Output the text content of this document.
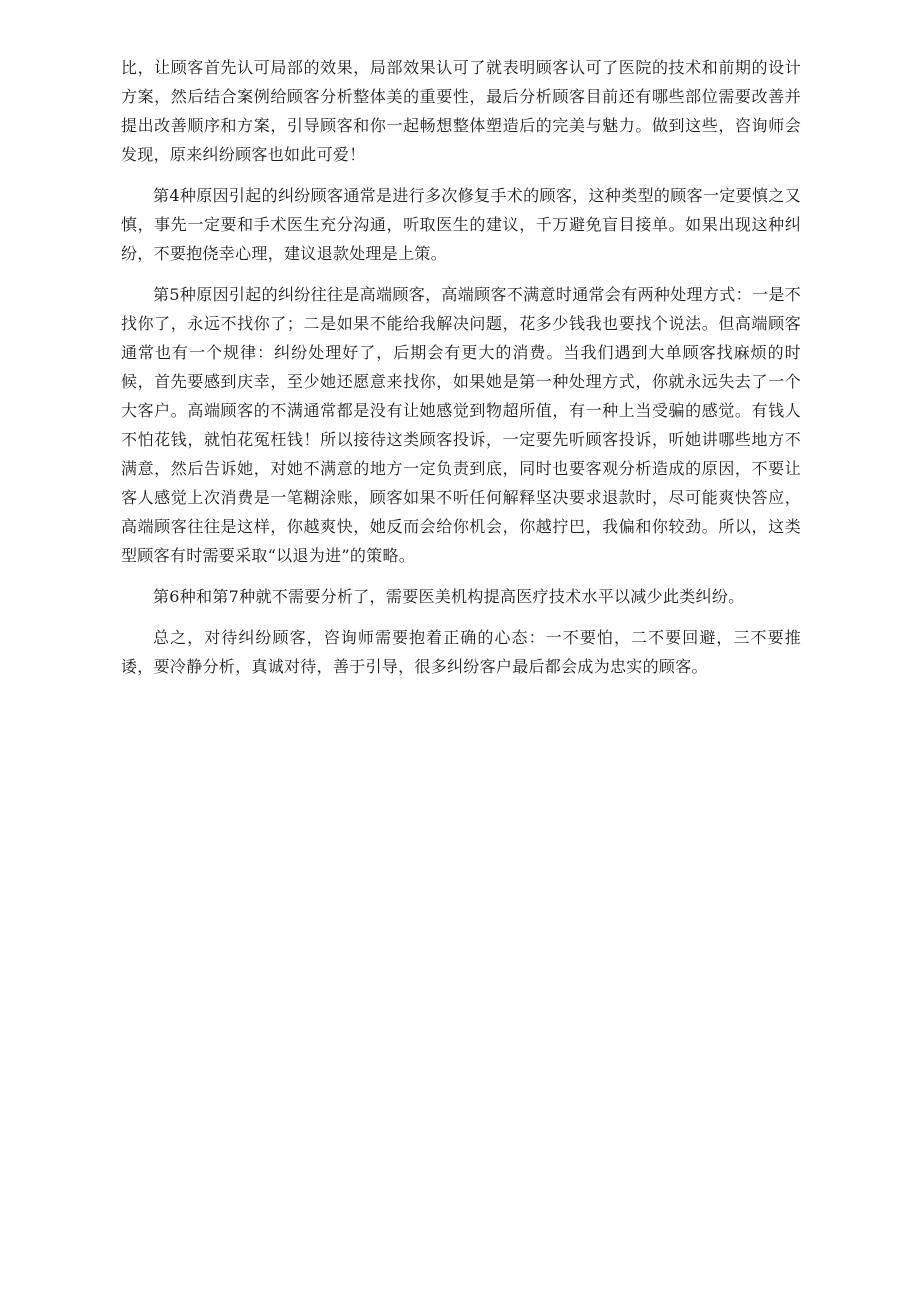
比，让顾客首先认可局部的效果，局部效果认可了就表明顾客认可了医院的技术和前期的设计方案，然后结合案例给顾客分析整体美的重要性，最后分析顾客目前还有哪些部位需要改善并提出改善顺序和方案，引导顾客和你一起畅想整体塑造后的完美与魅力。做到这些，咨询师会发现，原来纠纷顾客也如此可爱！

第4种原因引起的纠纷顾客通常是进行多次修复手术的顾客，这种类型的顾客一定要慎之又慎，事先一定要和手术医生充分沟通，听取医生的建议，千万避免盲目接单。如果出现这种纠纷，不要抱侥幸心理，建议退款处理是上策。

第5种原因引起的纠纷往往是高端顾客，高端顾客不满意时通常会有两种处理方式：一是不找你了，永远不找你了；二是如果不能给我解决问题，花多少钱我也要找个说法。但高端顾客通常也有一个规律：纠纷处理好了，后期会有更大的消费。当我们遇到大单顾客找麻烦的时候，首先要感到庆幸，至少她还愿意来找你，如果她是第一种处理方式，你就永远失去了一个大客户。高端顾客的不满通常都是没有让她感觉到物超所值，有一种上当受骗的感觉。有钱人不怕花钱，就怕花冤枉钱！所以接待这类顾客投诉，一定要先听顾客投诉，听她讲哪些地方不满意，然后告诉她，对她不满意的地方一定负责到底，同时也要客观分析造成的原因，不要让客人感觉上次消费是一笔糊涂账，顾客如果不听任何解释坚决要求退款时，尽可能爽快答应，高端顾客往往是这样，你越爽快，她反而会给你机会，你越拧巴，我偏和你较劲。所以，这类型顾客有时需要采取“以退为进”的策略。

第6种和第7种就不需要分析了，需要医美机构提高医疗技术水平以减少此类纠纷。

总之，对待纠纷顾客，咨询师需要抱着正确的心态：一不要怕，二不要回避，三不要推诿，要冷静分析，真诚对待，善于引导，很多纠纷客户最后都会成为忠实的顾客。
